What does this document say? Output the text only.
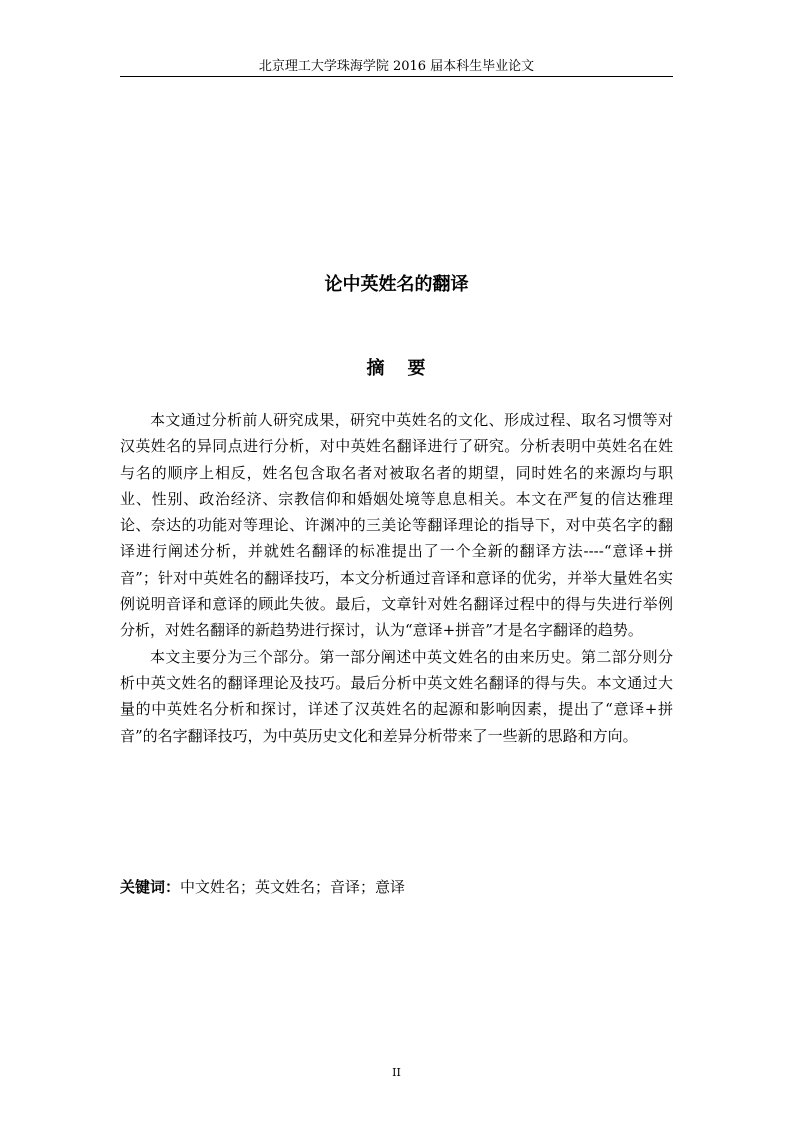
北京理工大学珠海学院 2016 届本科生毕业论文
论中英姓名的翻译
摘 要

本文通过分析前人研究成果，研究中英姓名的文化、形成过程、取名习惯等对汉英姓名的异同点进行分析，对中英姓名翻译进行了研究。分析表明中英姓名在姓与名的顺序上相反，姓名包含取名者对被取名者的期望，同时姓名的来源均与职业、性别、政治经济、宗教信仰和婚姻处境等息息相关。本文在严复的信达雅理论、奈达的功能对等理论、许渊冲的三美论等翻译理论的指导下，对中英名字的翻译进行阐述分析，并就姓名翻译的标准提出了一个全新的翻译方法----“意译+拼音”；针对中英姓名的翻译技巧，本文分析通过音译和意译的优劣，并举大量姓名实例说明音译和意译的顾此失彼。最后，文章针对姓名翻译过程中的得与失进行举例分析，对姓名翻译的新趋势进行探讨，认为“意译+拼音”才是名字翻译的趋势。

本文主要分为三个部分。第一部分阐述中英文姓名的由来历史。第二部分则分析中英文姓名的翻译理论及技巧。最后分析中英文姓名翻译的得与失。本文通过大量的中英姓名分析和探讨，详述了汉英姓名的起源和影响因素，提出了“意译+拼音”的名字翻译技巧，为中英历史文化和差异分析带来了一些新的思路和方向。

关键词：中文姓名；英文姓名；音译；意译
II
